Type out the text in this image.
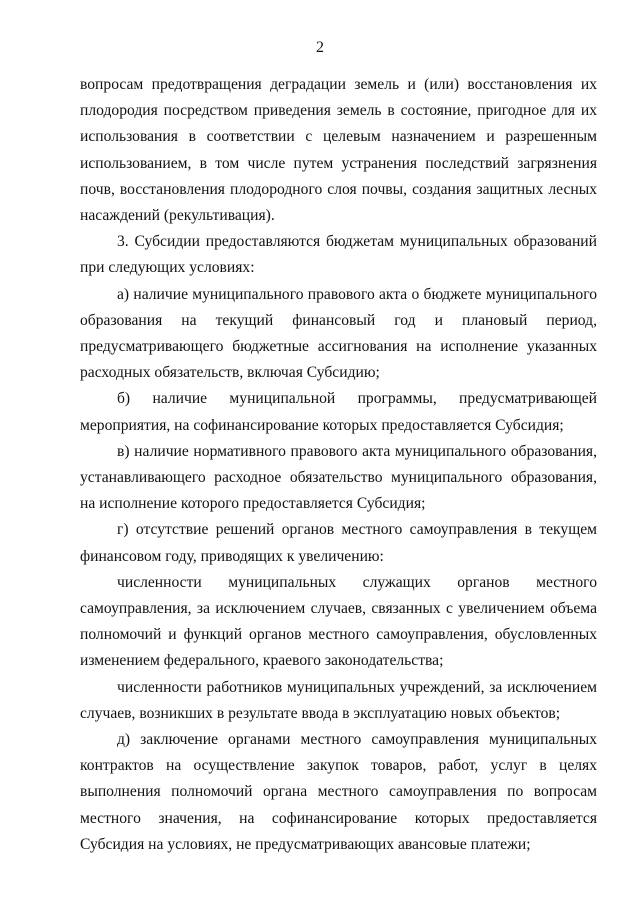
2

вопросам предотвращения деградации земель и (или) восстановления их плодородия посредством приведения земель в состояние, пригодное для их использования в соответствии с целевым назначением и разрешенным использованием, в том числе путем устранения последствий загрязнения почв, восстановления плодородного слоя почвы, создания защитных лесных насаждений (рекультивация).

3. Субсидии предоставляются бюджетам муниципальных образований при следующих условиях:

а) наличие муниципального правового акта о бюджете муниципального образования на текущий финансовый год и плановый период, предусматривающего бюджетные ассигнования на исполнение указанных расходных обязательств, включая Субсидию;

б) наличие муниципальной программы, предусматривающей мероприятия, на софинансирование которых предоставляется Субсидия;

в) наличие нормативного правового акта муниципального образования, устанавливающего расходное обязательство муниципального образования, на исполнение которого предоставляется Субсидия;

г) отсутствие решений органов местного самоуправления в текущем финансовом году, приводящих к увеличению:

численности муниципальных служащих органов местного самоуправления, за исключением случаев, связанных с увеличением объема полномочий и функций органов местного самоуправления, обусловленных изменением федерального, краевого законодательства;

численности работников муниципальных учреждений, за исключением случаев, возникших в результате ввода в эксплуатацию новых объектов;

д) заключение органами местного самоуправления муниципальных контрактов на осуществление закупок товаров, работ, услуг в целях выполнения полномочий органа местного самоуправления по вопросам местного значения, на софинансирование которых предоставляется Субсидия на условиях, не предусматривающих авансовые платежи;
